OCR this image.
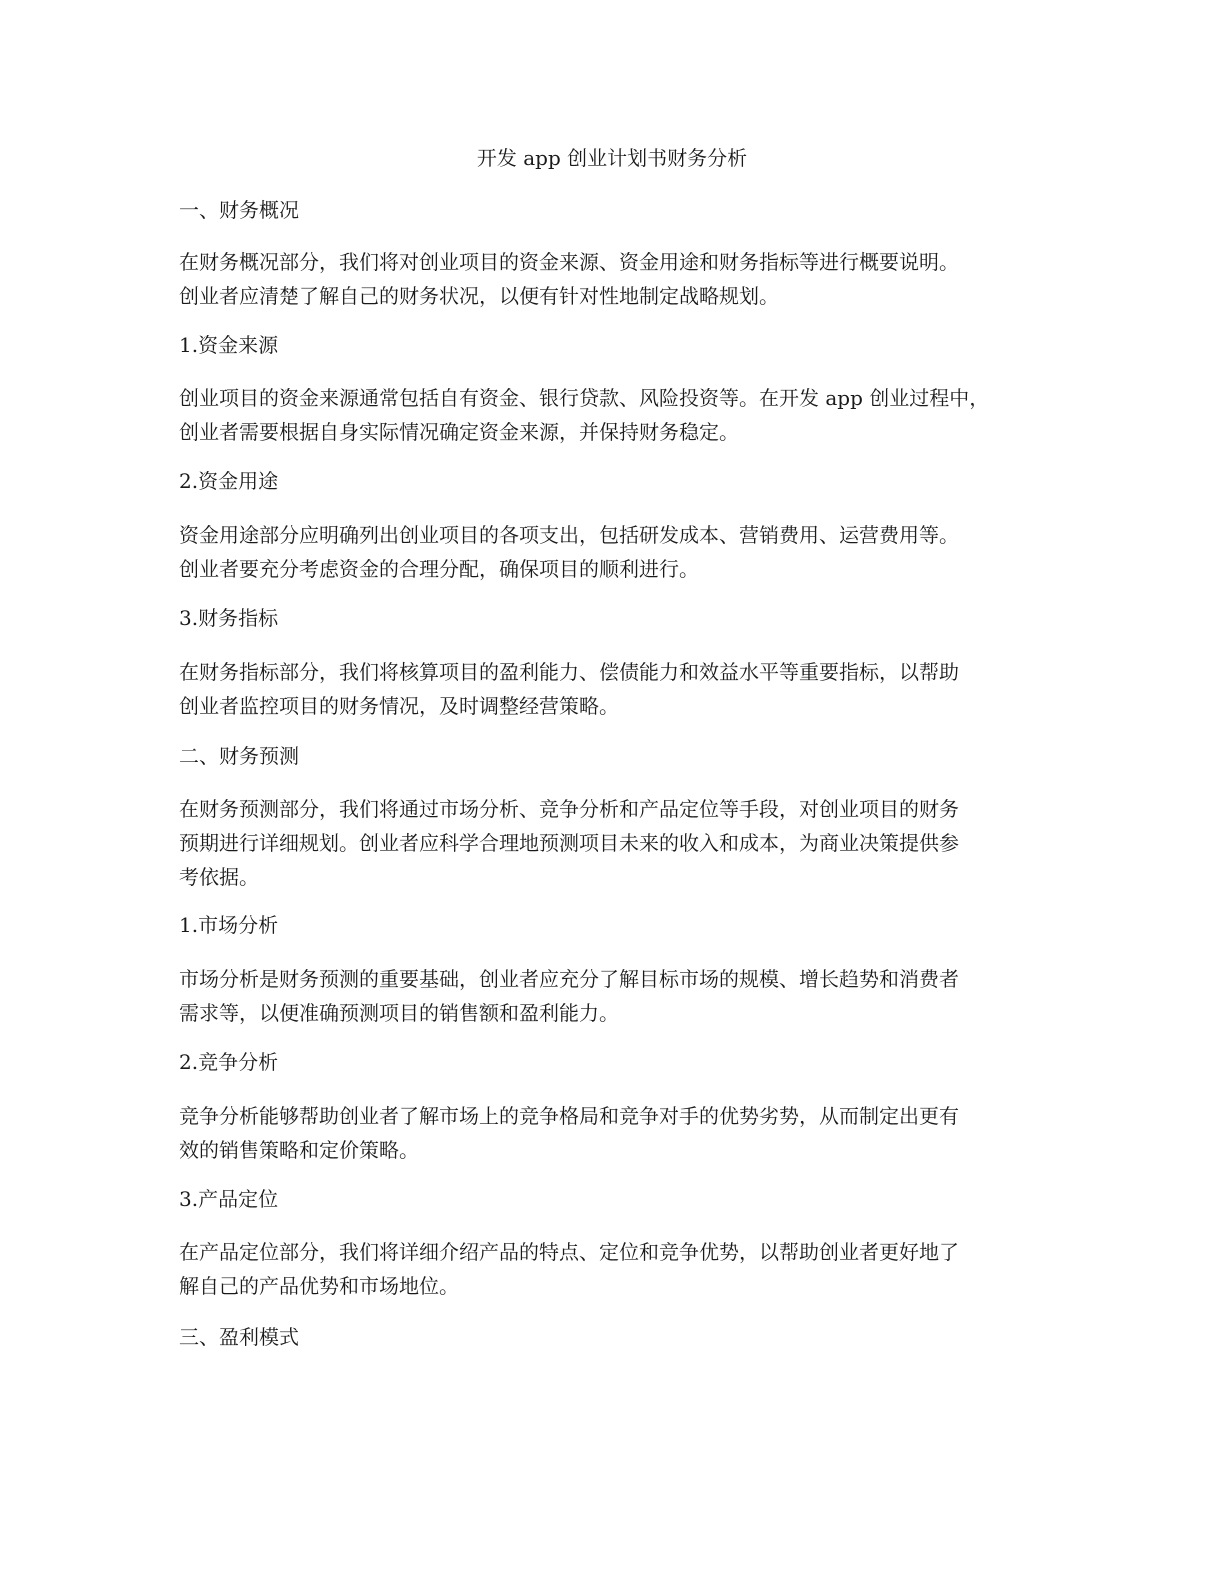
开发 app 创业计划书财务分析
一、财务概况
在财务概况部分，我们将对创业项目的资金来源、资金用途和财务指标等进行概要说明。
创业者应清楚了解自己的财务状况，以便有针对性地制定战略规划。
1.资金来源
创业项目的资金来源通常包括自有资金、银行贷款、风险投资等。在开发 app 创业过程中，
创业者需要根据自身实际情况确定资金来源，并保持财务稳定。
2.资金用途
资金用途部分应明确列出创业项目的各项支出，包括研发成本、营销费用、运营费用等。
创业者要充分考虑资金的合理分配，确保项目的顺利进行。
3.财务指标
在财务指标部分，我们将核算项目的盈利能力、偿债能力和效益水平等重要指标，以帮助
创业者监控项目的财务情况，及时调整经营策略。
二、财务预测
在财务预测部分，我们将通过市场分析、竞争分析和产品定位等手段，对创业项目的财务
预期进行详细规划。创业者应科学合理地预测项目未来的收入和成本，为商业决策提供参
考依据。
1.市场分析
市场分析是财务预测的重要基础，创业者应充分了解目标市场的规模、增长趋势和消费者
需求等，以便准确预测项目的销售额和盈利能力。
2.竞争分析
竞争分析能够帮助创业者了解市场上的竞争格局和竞争对手的优势劣势，从而制定出更有
效的销售策略和定价策略。
3.产品定位
在产品定位部分，我们将详细介绍产品的特点、定位和竞争优势，以帮助创业者更好地了
解自己的产品优势和市场地位。
三、盈利模式
